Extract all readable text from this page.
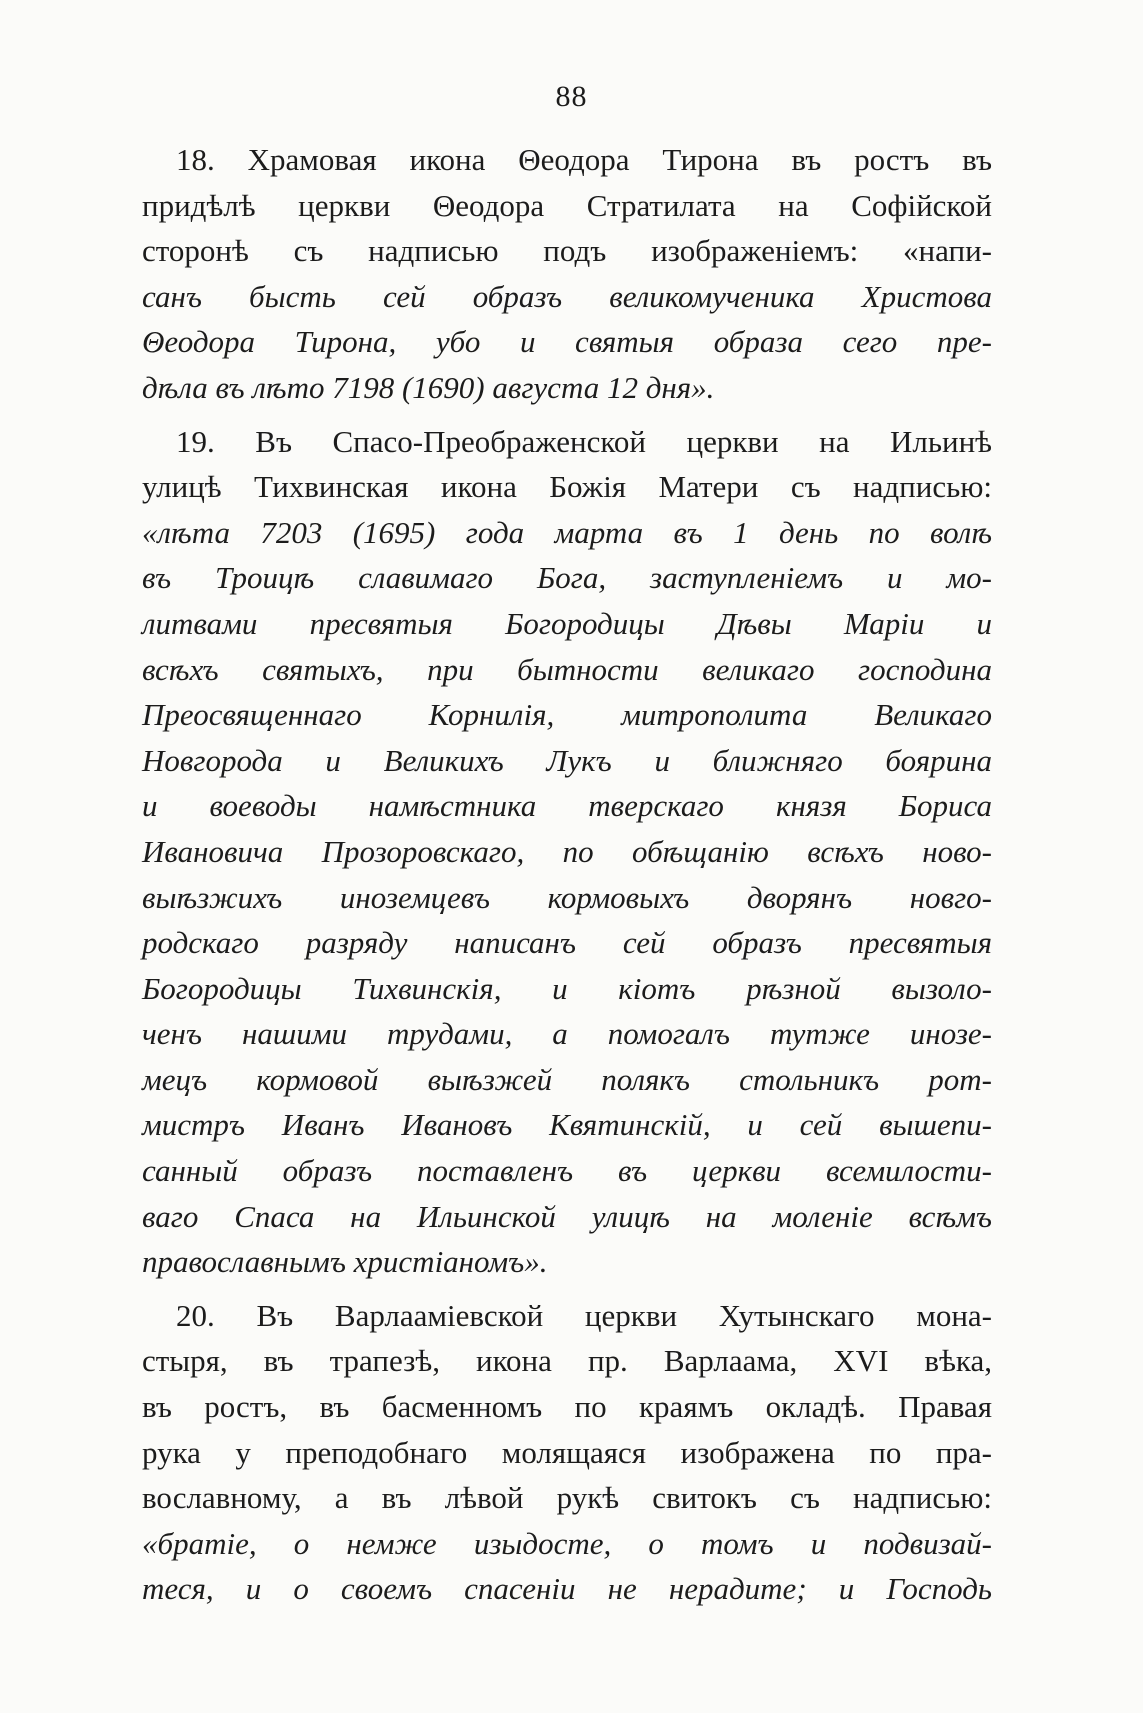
88
18. Храмовая икона Θеодора Тирона въ ростъ въ
придѣлѣ церкви Θеодора Стратилата на Софійской
сторонѣ съ надписью подъ изображеніемъ: «напи-
санъ бысть сей образъ великомученика Христова
Θеодора Тирона, убо и святыя образа сего пре-
дѣла въ лѣто 7198 (1690) августа 12 дня».
19. Въ Спасо-Преображенской церкви на Ильинѣ
улицѣ Тихвинская икона Божія Матери съ надписью:
«лѣта 7203 (1695) года марта въ 1 день по волѣ
въ Троицѣ славимаго Бога, заступленіемъ и мо-
литвами пресвятыя Богородицы Дѣвы Маріи и
всѣхъ святыхъ, при бытности великаго господина
Преосвященнаго Корнилія, митрополита Великаго
Новгорода и Великихъ Лукъ и ближняго боярина
и воеводы намѣстника тверскаго князя Бориса
Ивановича Прозоровскаго, по обѣщанію всѣхъ ново-
выѣзжихъ иноземцевъ кормовыхъ дворянъ новго-
родскаго разряду написанъ сей образъ пресвятыя
Богородицы Тихвинскія, и кіотъ рѣзной вызоло-
ченъ нашими трудами, а помогалъ тутже инозе-
мецъ кормовой выѣзжей полякъ стольникъ рот-
мистръ Иванъ Ивановъ Квятинскій, и сей вышепи-
санный образъ поставленъ въ церкви всемилости-
ваго Спаса на Ильинской улицѣ на моленіе всѣмъ
православнымъ христіаномъ».
20. Въ Варлааміевской церкви Хутынскаго мона-
стыря, въ трапезѣ, икона пр. Варлаама, XVI вѣка,
въ ростъ, въ басменномъ по краямъ окладѣ. Правая
рука у преподобнаго молящаяся изображена по пра-
вославному, а въ лѣвой рукѣ свитокъ съ надписью:
«братіе, о немже изыдосте, о томъ и подвизай-
теся, и о своемъ спасеніи не нерадите; и Господь
